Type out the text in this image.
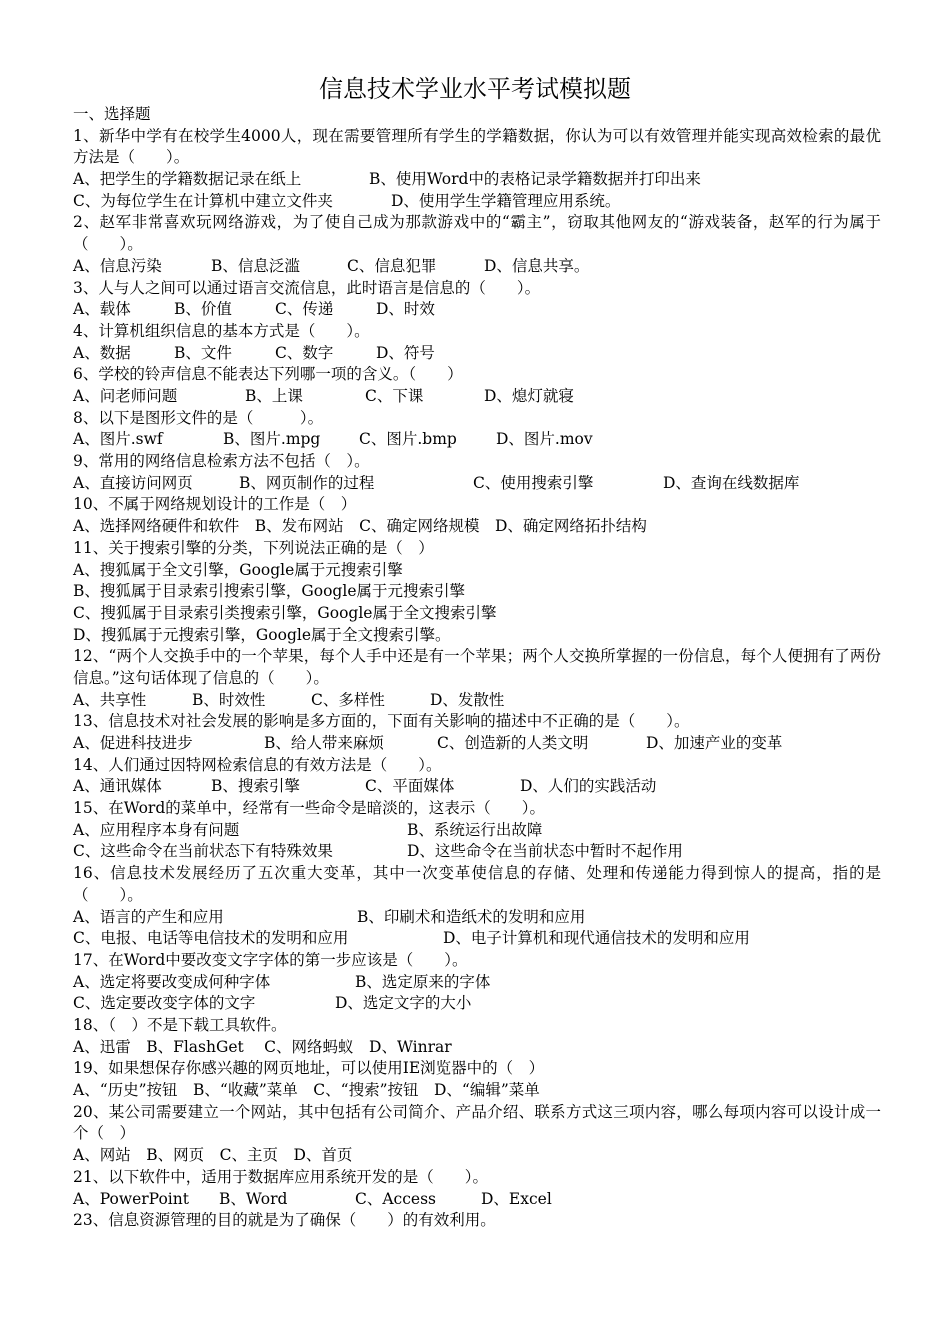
信息技术学业水平考试模拟题
一、选择题
1、新华中学有在校学生4000人，现在需要管理所有学生的学籍数据，你认为可以有效管理并能实现高效检索的最优方法是（　　）。
A、把学生的学籍数据记录在纸上	B、使用Word中的表格记录学籍数据并打印出来
C、为每位学生在计算机中建立文件夹	D、使用学生学籍管理应用系统。
2、赵军非常喜欢玩网络游戏，为了使自己成为那款游戏中的“霸主”，窃取其他网友的“游戏装备，赵军的行为属于（　　）。
A、信息污染	B、信息泛滥	C、信息犯罪	D、信息共享。
3、人与人之间可以通过语言交流信息，此时语言是信息的（　　）。
A、载体	B、价值	C、传递	D、时效
4、计算机组织信息的基本方式是（　　）。
A、数据	B、文件	C、数字	D、符号
6、学校的铃声信息不能表达下列哪一项的含义。（　　）
A、问老师问题	B、上课	C、下课	D、熄灯就寝
8、以下是图形文件的是（　　　）。
A、图片.swf	B、图片.mpg C、图片.bmp	D、图片.mov
9、常用的网络信息检索方法不包括（　）。
A、直接访问网页	B、网页制作的过程	C、使用搜索引擎	D、查询在线数据库
10、不属于网络规划设计的工作是（　）
A、选择网络硬件和软件　B、发布网站　C、确定网络规模　D、确定网络拓扑结构
11、关于搜索引擎的分类，下列说法正确的是（　）
A、搜狐属于全文引擎，Google属于元搜索引擎
B、搜狐属于目录索引搜索引擎，Google属于元搜索引擎
C、搜狐属于目录索引类搜索引擎，Google属于全文搜索引擎
D、搜狐属于元搜索引擎，Google属于全文搜索引擎。
12、“两个人交换手中的一个苹果，每个人手中还是有一个苹果；两个人交换所掌握的一份信息，每个人便拥有了两份信息。”这句话体现了信息的（　　）。
A、共享性	B、时效性	C、多样性	D、发散性
13、信息技术对社会发展的影响是多方面的，下面有关影响的描述中不正确的是（　　）。
A、促进科技进步	B、给人带来麻烦	C、创造新的人类文明	D、加速产业的变革
14、人们通过因特网检索信息的有效方法是（　　）。
A、通讯媒体	B、搜索引擎	C、平面媒体	D、人们的实践活动
15、在Word的菜单中，经常有一些命令是暗淡的，这表示（　　）。
A、应用程序本身有问题	B、系统运行出故障
C、这些命令在当前状态下有特殊效果	D、这些命令在当前状态中暂时不起作用
16、信息技术发展经历了五次重大变革，其中一次变革使信息的存储、处理和传递能力得到惊人的提高，指的是（　　）。
A、语言的产生和应用	B、印刷术和造纸术的发明和应用
C、电报、电话等电信技术的发明和应用	D、电子计算机和现代通信技术的发明和应用
17、在Word中要改变文字字体的第一步应该是（　　）。
A、选定将要改变成何种字体	B、选定原来的字体
C、选定要改变字体的文字	D、选定文字的大小
18、（　）不是下载工具软件。
A、迅雷　B、FlashGet　 C、网络蚂蚁　D、Winrar
19、如果想保存你感兴趣的网页地址，可以使用IE浏览器中的（　）
A、“历史”按钮　B、“收藏”菜单　C、“搜索”按钮　D、“编辑”菜单
20、某公司需要建立一个网站，其中包括有公司简介、产品介绍、联系方式这三项内容，哪么每项内容可以设计成一个（　）
A、网站　B、网页　C、主页　D、首页
21、以下软件中，适用于数据库应用系统开发的是（　　）。
A、PowerPoint B、Word	C、Access	D、Excel
23、信息资源管理的目的就是为了确保（　　）的有效利用。
